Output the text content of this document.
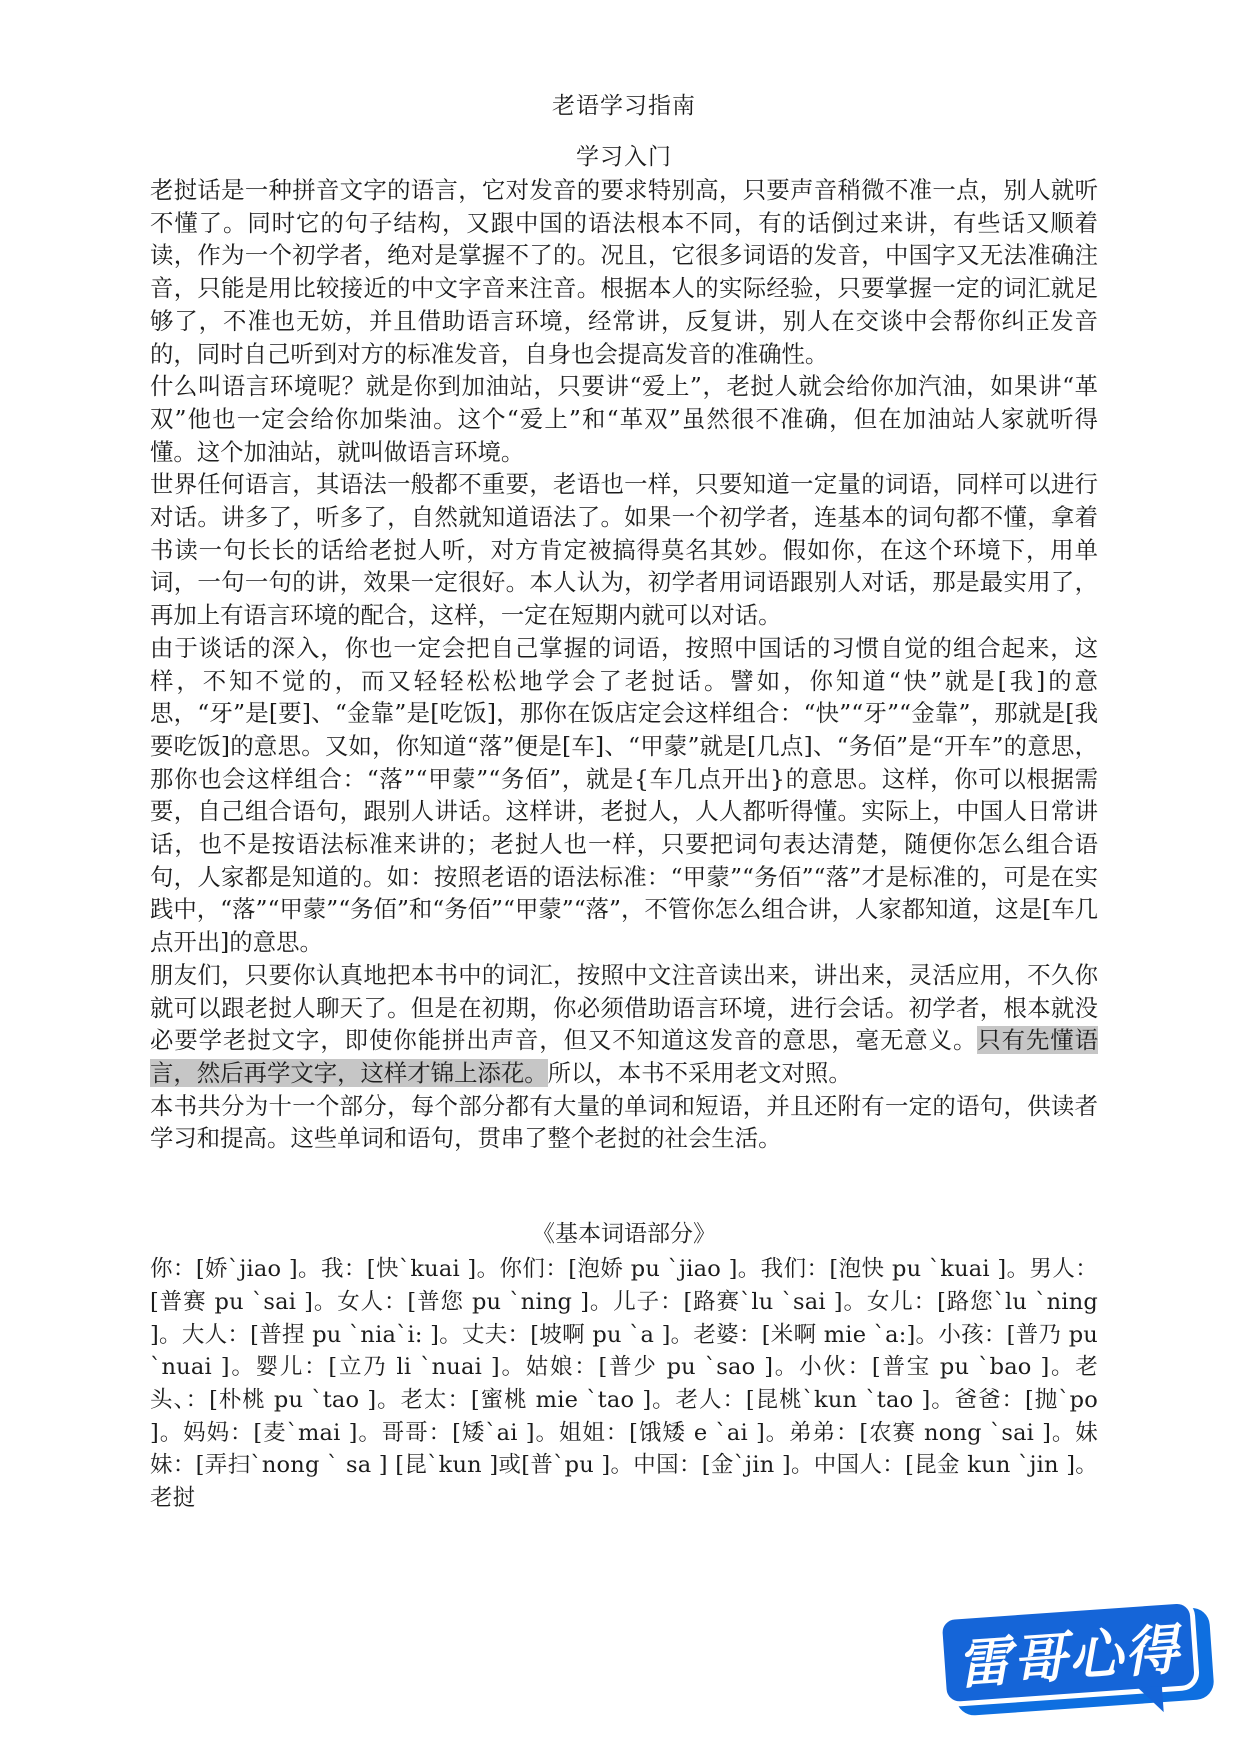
老语学习指南
学习入门

老挝话是一种拼音文字的语言，它对发音的要求特别高，只要声音稍微不准一点，别人就听不懂了。同时它的句子结构，又跟中国的语法根本不同，有的话倒过来讲，有些话又顺着读，作为一个初学者，绝对是掌握不了的。况且，它很多词语的发音，中国字又无法准确注音，只能是用比较接近的中文字音来注音。根据本人的实际经验，只要掌握一定的词汇就足够了，不准也无妨，并且借助语言环境，经常讲，反复讲，别人在交谈中会帮你纠正发音的，同时自己听到对方的标准发音，自身也会提高发音的准确性。

什么叫语言环境呢？就是你到加油站，只要讲“爱上”，老挝人就会给你加汽油，如果讲“革双”他也一定会给你加柴油。这个“爱上”和“革双”虽然很不准确，但在加油站人家就听得懂。这个加油站，就叫做语言环境。

世界任何语言，其语法一般都不重要，老语也一样，只要知道一定量的词语，同样可以进行对话。讲多了，听多了，自然就知道语法了。如果一个初学者，连基本的词句都不懂，拿着书读一句长长的话给老挝人听，对方肯定被搞得莫名其妙。假如你，在这个环境下，用单词，一句一句的讲，效果一定很好。本人认为，初学者用词语跟别人对话，那是最实用了，再加上有语言环境的配合，这样，一定在短期内就可以对话。

由于谈话的深入，你也一定会把自己掌握的词语，按照中国话的习惯自觉的组合起来，这样，不知不觉的，而又轻轻松松地学会了老挝话。譬如，你知道“快”就是[我]的意思，“牙”是[要]、“金靠”是[吃饭]，那你在饭店定会这样组合：“快”“牙”“金靠”，那就是[我要吃饭]的意思。又如，你知道“落”便是[车]、“甲蒙”就是[几点]、“务佰”是“开车”的意思，那你也会这样组合：“落”“甲蒙”“务佰”，就是{车几点开出}的意思。这样，你可以根据需要，自己组合语句，跟别人讲话。这样讲，老挝人，人人都听得懂。实际上，中国人日常讲话，也不是按语法标准来讲的；老挝人也一样，只要把词句表达清楚，随便你怎么组合语句，人家都是知道的。如：按照老语的语法标准：“甲蒙”“务佰”“落”才是标准的，可是在实践中，“落”“甲蒙”“务佰”和“务佰”“甲蒙”“落”，不管你怎么组合讲，人家都知道，这是[车几点开出]的意思。

朋友们，只要你认真地把本书中的词汇，按照中文注音读出来，讲出来，灵活应用，不久你就可以跟老挝人聊天了。但是在初期，你必须借助语言环境，进行会话。初学者，根本就没必要学老挝文字，即使你能拼出声音，但又不知道这发音的意思，毫无意义。只有先懂语言，然后再学文字，这样才锦上添花。所以，本书不采用老文对照。

本书共分为十一个部分，每个部分都有大量的单词和短语，并且还附有一定的语句，供读者学习和提高。这些单词和语句，贯串了整个老挝的社会生活。

《基本词语部分》

你：[娇`jiao ]。我：[快`kuai ]。你们：[泡娇 pu `jiao ]。我们：[泡快 pu `kuai ]。男人：[普赛 pu `sai ]。女人：[普您 pu `ning ]。儿子：[路赛`lu `sai ]。女儿：[路您`lu `ning ]。大人：[普捏 pu `nia`i: ]。丈夫：[坡啊 pu `a ]。老婆：[米啊 mie `a:]。小孩：[普乃 pu `nuai ]。婴儿：[立乃 li `nuai ]。姑娘：[普少 pu `sao ]。小伙：[普宝 pu `bao ]。老头、：[朴桃 pu `tao ]。老太：[蜜桃 mie `tao ]。老人：[昆桃`kun `tao ]。爸爸：[抛`po ]。妈妈：[麦`mai ]。哥哥：[矮`ai ]。姐姐：[饿矮 e `ai ]。弟弟：[农赛 nong `sai ]。妹妹：[弄扫`nong ` sa ] [昆`kun ]或[普`pu ]。中国：[金`jin ]。中国人：[昆金 kun `jin ]。老挝

雷哥心得
